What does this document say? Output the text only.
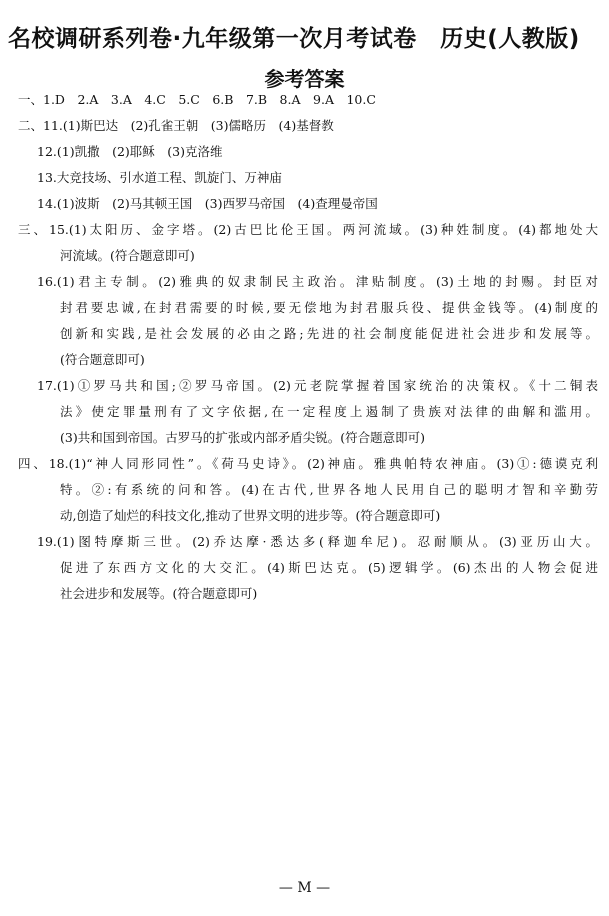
名校调研系列卷·九年级第一次月考试卷　历史(人教版)
参考答案
一、1.D　2.A　3.A　4.C　5.C　6.B　7.B　8.A　9.A　10.C
二、11.(1)斯巴达　(2)孔雀王朝　(3)儒略历　(4)基督教
12.(1)凯撒　(2)耶稣　(3)克洛维
13.大竞技场、引水道工程、凯旋门、万神庙
14.(1)波斯　(2)马其顿王国　(3)西罗马帝国　(4)查理曼帝国
三、15.(1)太阳历、金字塔。(2)古巴比伦王国。两河流域。(3)种姓制度。(4)都地处大
河流域。(符合题意即可)
16.(1)君主专制。(2)雅典的奴隶制民主政治。津贴制度。(3)土地的封赐。封臣对
封君要忠诚,在封君需要的时候,要无偿地为封君服兵役、提供金钱等。(4)制度的
创新和实践,是社会发展的必由之路;先进的社会制度能促进社会进步和发展等。
(符合题意即可)
17.(1)①罗马共和国;②罗马帝国。(2)元老院掌握着国家统治的决策权。《十二铜表
法》使定罪量刑有了文字依据,在一定程度上遏制了贵族对法律的曲解和滥用。
(3)共和国到帝国。古罗马的扩张或内部矛盾尖锐。(符合题意即可)
四、18.(1)“神人同形同性”。《荷马史诗》。(2)神庙。雅典帕特农神庙。(3)①:德谟克利
特。②:有系统的问和答。(4)在古代,世界各地人民用自己的聪明才智和辛勤劳
动,创造了灿烂的科技文化,推动了世界文明的进步等。(符合题意即可)
19.(1)图特摩斯三世。(2)乔达摩·悉达多(释迦牟尼)。忍耐顺从。(3)亚历山大。
促进了东西方文化的大交汇。(4)斯巴达克。(5)逻辑学。(6)杰出的人物会促进
社会进步和发展等。(符合题意即可)
— M —
